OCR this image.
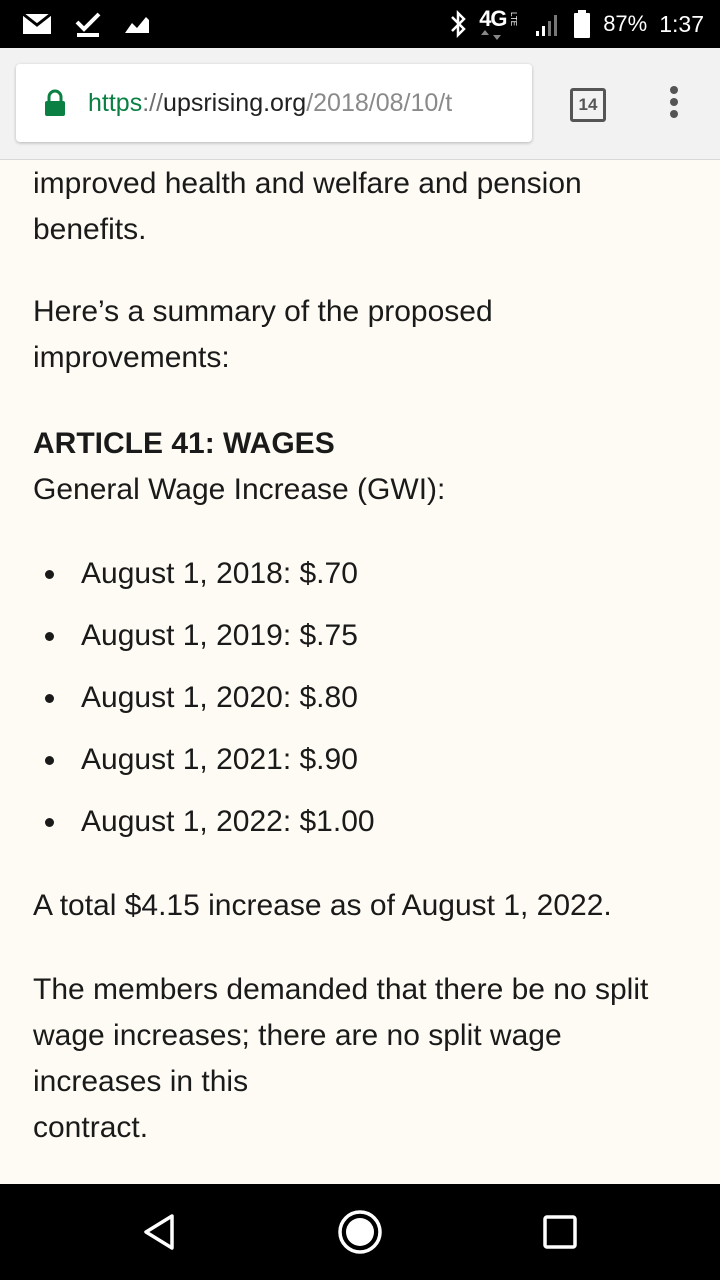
4G LTE	87% 1:37
https://upsrising.org/2018/08/10/t	14

improved health and welfare and pension
benefits.

Here’s a summary of the proposed
improvements:

ARTICLE 41: WAGES
General Wage Increase (GWI):

August 1, 2018: $.70
August 1, 2019: $.75
August 1, 2020: $.80
August 1, 2021: $.90
August 1, 2022: $1.00

A total $4.15 increase as of August 1, 2022.

The members demanded that there be no split
wage increases; there are no split wage
increases in this
contract.
